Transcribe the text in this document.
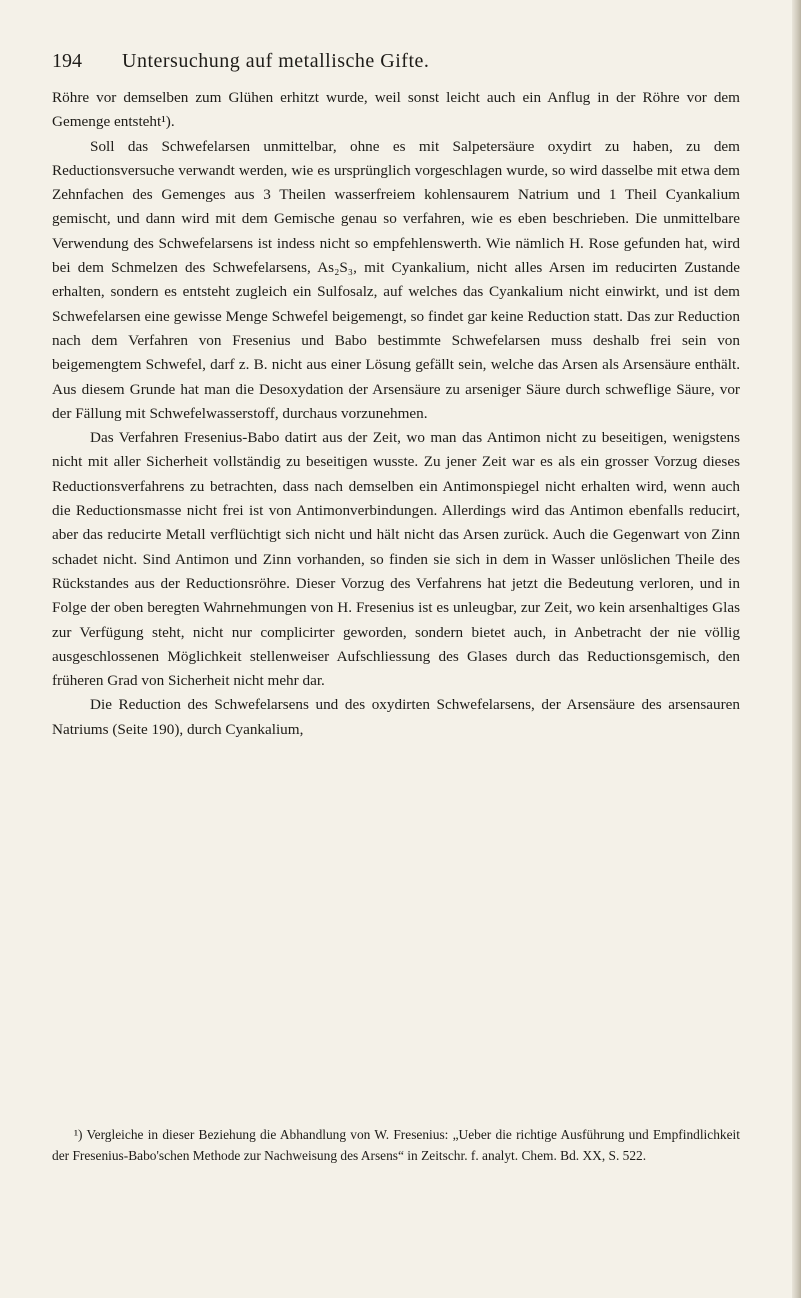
194 Untersuchung auf metallische Gifte.

Röhre vor demselben zum Glühen erhitzt wurde, weil sonst leicht auch ein Anflug in der Röhre vor dem Gemenge entsteht¹).

Soll das Schwefelarsen unmittelbar, ohne es mit Salpetersäure oxydirt zu haben, zu dem Reductionsversuche verwandt werden, wie es ursprünglich vorgeschlagen wurde, so wird dasselbe mit etwa dem Zehnfachen des Gemenges aus 3 Theilen wasserfreiem kohlensaurem Natrium und 1 Theil Cyankalium gemischt, und dann wird mit dem Gemische genau so verfahren, wie es eben beschrieben. Die unmittelbare Verwendung des Schwefelarsens ist indess nicht so empfehlenswerth. Wie nämlich H. Rose gefunden hat, wird bei dem Schmelzen des Schwefelarsens, As₂S₃, mit Cyankalium, nicht alles Arsen im reducirten Zustande erhalten, sondern es entsteht zugleich ein Sulfosalz, auf welches das Cyankalium nicht einwirkt, und ist dem Schwefelarsen eine gewisse Menge Schwefel beigemengt, so findet gar keine Reduction statt. Das zur Reduction nach dem Verfahren von Fresenius und Babo bestimmte Schwefelarsen muss deshalb frei sein von beigemengtem Schwefel, darf z. B. nicht aus einer Lösung gefällt sein, welche das Arsen als Arsensäure enthält. Aus diesem Grunde hat man die Desoxydation der Arsensäure zu arseniger Säure durch schweflige Säure, vor der Fällung mit Schwefelwasserstoff, durchaus vorzunehmen.

Das Verfahren Fresenius-Babo datirt aus der Zeit, wo man das Antimon nicht zu beseitigen, wenigstens nicht mit aller Sicherheit vollständig zu beseitigen wusste. Zu jener Zeit war es als ein grosser Vorzug dieses Reductionsverfahrens zu betrachten, dass nach demselben ein Antimonspiegel nicht erhalten wird, wenn auch die Reductionsmasse nicht frei ist von Antimonverbindungen. Allerdings wird das Antimon ebenfalls reducirt, aber das reducirte Metall verflüchtigt sich nicht und hält nicht das Arsen zurück. Auch die Gegenwart von Zinn schadet nicht. Sind Antimon und Zinn vorhanden, so finden sie sich in dem in Wasser unlöslichen Theile des Rückstandes aus der Reductionsröhre. Dieser Vorzug des Verfahrens hat jetzt die Bedeutung verloren, und in Folge der oben beregten Wahrnehmungen von H. Fresenius ist es unleugbar, zur Zeit, wo kein arsenhaltiges Glas zur Verfügung steht, nicht nur complicirter geworden, sondern bietet auch, in Anbetracht der nie völlig ausgeschlossenen Möglichkeit stellenweiser Aufschliessung des Glases durch das Reductionsgemisch, den früheren Grad von Sicherheit nicht mehr dar.

Die Reduction des Schwefelarsens und des oxydirten Schwefelarsens, der Arsensäure des arsensauren Natriums (Seite 190), durch Cyankalium,

¹) Vergleiche in dieser Beziehung die Abhandlung von W. Fresenius: „Ueber die richtige Ausführung und Empfindlichkeit der Fresenius-Babo'schen Methode zur Nachweisung des Arsens“ in Zeitschr. f. analyt. Chem. Bd. XX, S. 522.
